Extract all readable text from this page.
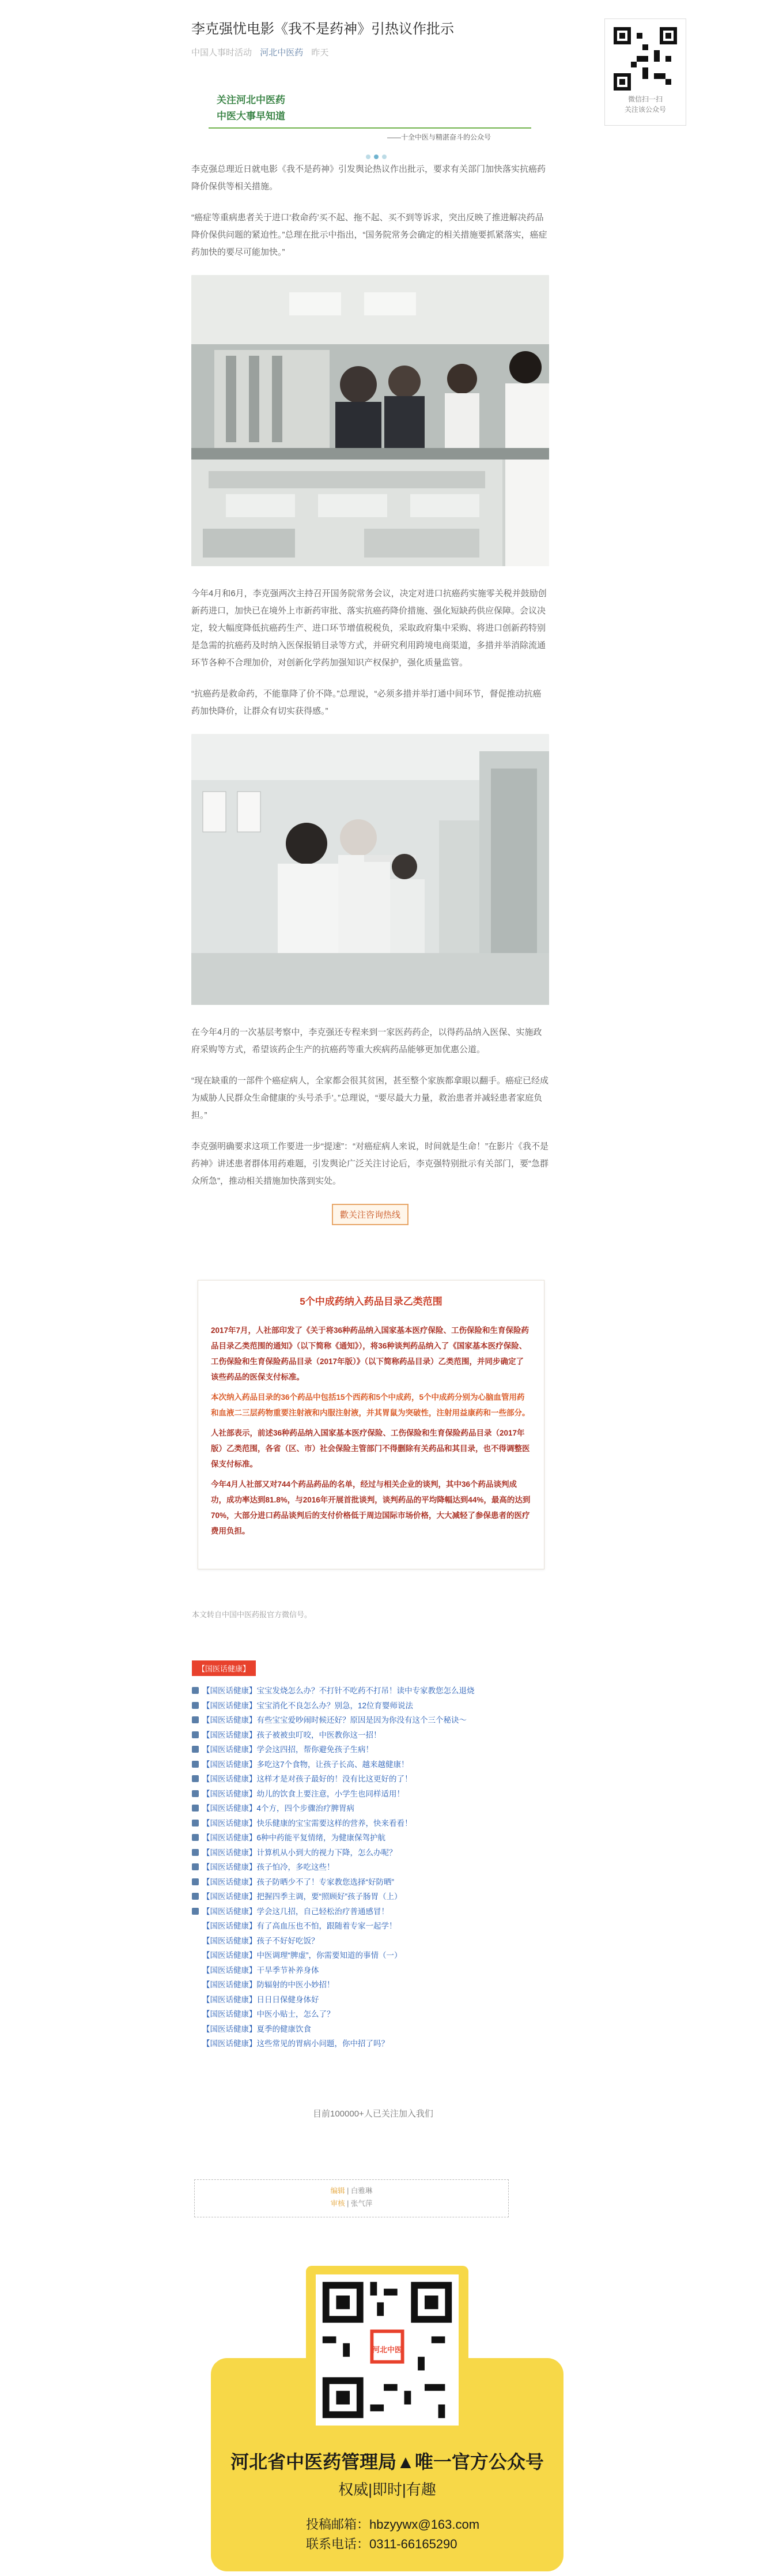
微信扫一扫
关注该公众号
李克强忧电影《我不是药神》引热议作批示
中国人事时活动 河北中医药 昨天
关注河北中医药
中医大事早知道
——十全中医与精湛奋斗的公众号

李克强总理近日就电影《我不是药神》引发舆论热议作出批示，要求有关部门加快落实抗癌药降价保供等相关措施。

“癌症等重病患者关于进口‘救命药’买不起、拖不起、买不到等诉求，突出反映了推进解决药品降价保供问题的紧迫性。”总理在批示中指出，“国务院常务会确定的相关措施要抓紧落实，癌症药加快的要尽可能加快。”

今年4月和6月，李克强两次主持召开国务院常务会议，决定对进口抗癌药实施零关税并鼓励创新药进口，加快已在境外上市新药审批、落实抗癌药降价措施、强化短缺药供应保障。会议决定，较大幅度降低抗癌药生产、进口环节增值税税负，采取政府集中采购、将进口创新药特别是急需的抗癌药及时纳入医保报销目录等方式，并研究利用跨境电商渠道，多措并举消除流通环节各种不合理加价，对创新化学药加强知识产权保护，强化质量监管。

“抗癌药是救命药，不能靠降了价不降。”总理说，“必须多措并举打通中间环节，督促推动抗癌药加快降价，让群众有切实获得感。”

在今年4月的一次基层考察中，李克强还专程来到一家医药药企，以得药品纳入医保、实施政府采购等方式，希望该药企生产的抗癌药等重大疾病药品能够更加优惠公道。

“现在缺重的一部件个癌症病人，全家都会很其贫困，甚至整个家族都拿眼以翻手。癌症已经成为威胁人民群众生命健康的‘头号杀手’。”总理说，“要尽最大力量，救治患者并减轻患者家庭负担。”

李克强明确要求这项工作要进一步“提速”：“对癌症病人来说，时间就是生命！”在影片《我不是药神》讲述患者群体用药难题，引发舆论广泛关注讨论后，李克强特别批示有关部门，要“急群众所急”，推动相关措施加快落到实处。

歡关注咨询热线
5个中成药纳入药品目录乙类范围

2017年7月，人社部印发了《关于将36种药品纳入国家基本医疗保险、工伤保险和生育保险药品目录乙类范围的通知》（以下简称《通知》），将36种谈判药品纳入了《国家基本医疗保险、工伤保险和生育保险药品目录（2017年版）》（以下简称药品目录）乙类范围，并同步确定了该些药品的医保支付标准。

本次纳入药品目录的36个药品中包括15个西药和5个中成药，5个中成药分别为心脑血管用药和血液二三层药物重要注射液和内服注射液，并其胃鼠为突破性，注射用益康药和一些部分。

人社部表示，前述36种药品纳入国家基本医疗保险、工伤保险和生育保险药品目录（2017年版）乙类范围，各省（区、市）社会保险主管部门不得删除有关药品和其目录，也不得调整医保支付标准。

今年4月人社部又对744个药品药品的名单，经过与相关企业的谈判，其中36个药品谈判成功，成功率达到81.8%，与2016年开展首批谈判，谈判药品的平均降幅达到44%，最高的达到70%，大部分进口药品谈判后的支付价格低于周边国际市场价格，大大减轻了参保患者的医疗费用负担。

本文转自中国中医药报官方微信号。
【国医话健康】
【国医话健康】宝宝发烧怎么办？不打针不吃药不打吊！读中专家教您怎么退烧
【国医话健康】宝宝消化不良怎么办？别急，12位育婴师说法
【国医话健康】有些宝宝爱吵闹时候还好？原因是因为你没有这个三个秘诀～
【国医话健康】孩子被被虫叮咬，中医教你这一招！
【国医话健康】学会这四招，帮你避免孩子生病！
【国医话健康】多吃这7个食物，让孩子长高、越来越健康！
【国医话健康】这样才是对孩子最好的！没有比这更好的了！
【国医话健康】幼儿的饮食上要注意，小学生也同样适用！
【国医话健康】4个方，四个步骤治疗脾胃病
【国医话健康】快乐健康的宝宝需要这样的营养，快来看看！
【国医话健康】6种中药能平复情绪，为健康保驾护航
【国医话健康】计算机从小到大的视力下降，怎么办呢？
【国医话健康】孩子怕冷，多吃这些！
【国医话健康】孩子防晒少不了！专家教您选择“好防晒”
【国医话健康】把握四季主调，要“照顾好”孩子肠胃（上）
【国医话健康】学会这几招，自己轻松治疗普通感冒！
【国医话健康】有了高血压也不怕，跟随着专家一起学！
【国医话健康】孩子不好好吃饭？
【国医话健康】中医调理“脾虚”，你需要知道的事情（一）
【国医话健康】干旱季节补养身体
【国医话健康】防辐射的中医小妙招！
【国医话健康】日日日保健身体好
【国医话健康】中医小贴士，怎么了？
【国医话健康】夏季的健康饮食
【国医话健康】这些常见的胃病小问题，你中招了吗？
目前100000+人已关注加入我们
编辑 | 白雅琳
审核 | 张气萍
河北中医
河北省中医药管理局▲唯一官方公众号
权威|即时|有趣
投稿邮箱：hbzyywx@163.com
联系电话：0311-66165290
